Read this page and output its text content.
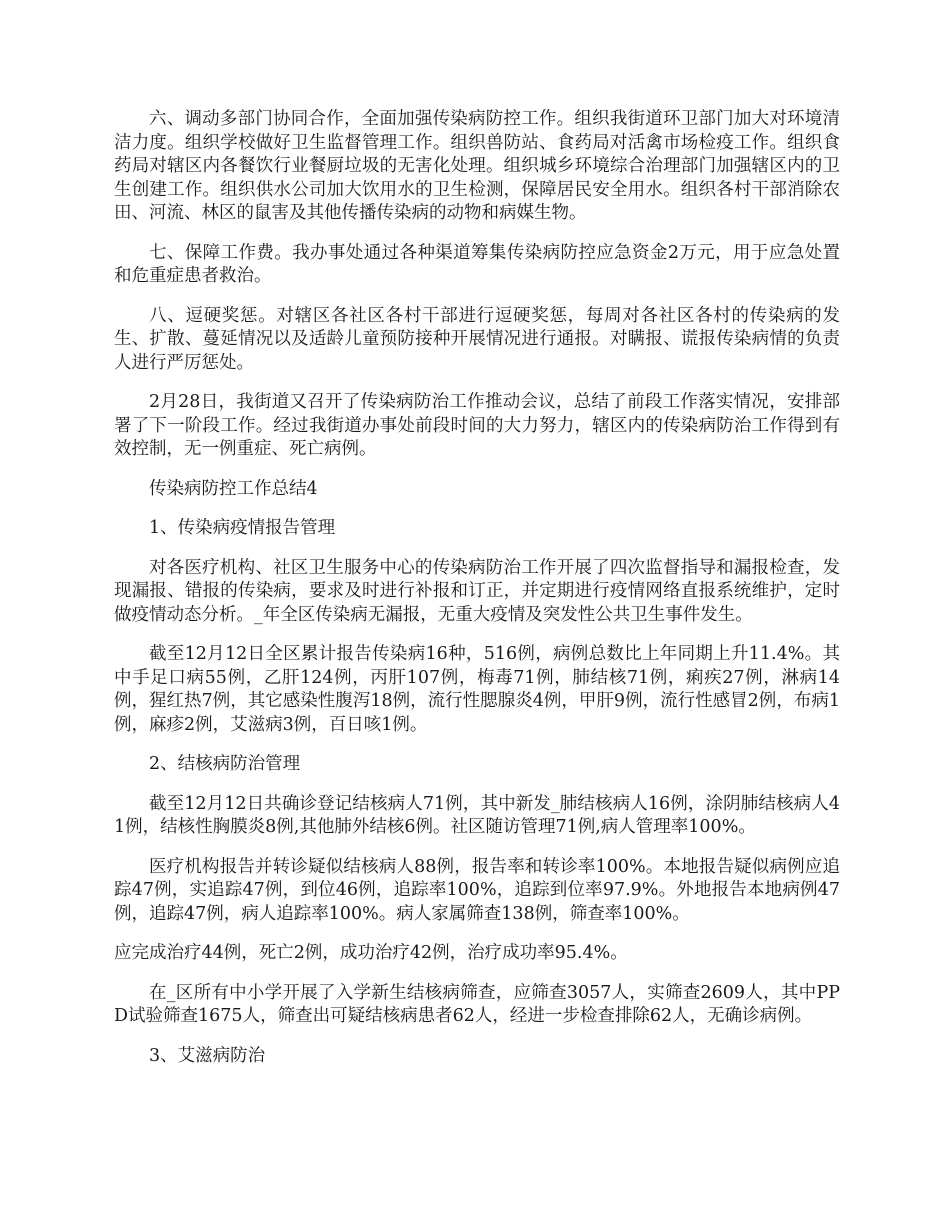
六、调动多部门协同合作，全面加强传染病防控工作。组织我街道环卫部门加大对环境清洁力度。组织学校做好卫生监督管理工作。组织兽防站、食药局对活禽市场检疫工作。组织食药局对辖区内各餐饮行业餐厨垃圾的无害化处理。组织城乡环境综合治理部门加强辖区内的卫生创建工作。组织供水公司加大饮用水的卫生检测，保障居民安全用水。组织各村干部消除农田、河流、林区的鼠害及其他传播传染病的动物和病媒生物。

七、保障工作费。我办事处通过各种渠道筹集传染病防控应急资金2万元，用于应急处置和危重症患者救治。

八、逗硬奖惩。对辖区各社区各村干部进行逗硬奖惩，每周对各社区各村的传染病的发生、扩散、蔓延情况以及适龄儿童预防接种开展情况进行通报。对瞒报、谎报传染病情的负责人进行严厉惩处。

2月28日，我街道又召开了传染病防治工作推动会议，总结了前段工作落实情况，安排部署了下一阶段工作。经过我街道办事处前段时间的大力努力，辖区内的传染病防治工作得到有效控制，无一例重症、死亡病例。

传染病防控工作总结4

1、传染病疫情报告管理

对各医疗机构、社区卫生服务中心的传染病防治工作开展了四次监督指导和漏报检查，发现漏报、错报的传染病，要求及时进行补报和订正，并定期进行疫情网络直报系统维护，定时做疫情动态分析。_年全区传染病无漏报，无重大疫情及突发性公共卫生事件发生。

截至12月12日全区累计报告传染病16种，516例，病例总数比上年同期上升11.4%。其中手足口病55例，乙肝124例，丙肝107例，梅毒71例，肺结核71例，痢疾27例，淋病14例，猩红热7例，其它感染性腹泻18例，流行性腮腺炎4例，甲肝9例，流行性感冒2例，布病1例，麻疹2例，艾滋病3例，百日咳1例。

2、结核病防治管理

截至12月12日共确诊登记结核病人71例，其中新发_肺结核病人16例，涂阴肺结核病人41例，结核性胸膜炎8例,其他肺外结核6例。社区随访管理71例,病人管理率100%。

医疗机构报告并转诊疑似结核病人88例，报告率和转诊率100%。本地报告疑似病例应追踪47例，实追踪47例，到位46例，追踪率100%，追踪到位率97.9%。外地报告本地病例47例，追踪47例，病人追踪率100%。病人家属筛查138例，筛查率100%。

应完成治疗44例，死亡2例，成功治疗42例，治疗成功率95.4%。

在_区所有中小学开展了入学新生结核病筛查，应筛查3057人，实筛查2609人，其中PPD试验筛查1675人，筛查出可疑结核病患者62人，经进一步检查排除62人，无确诊病例。

3、艾滋病防治
